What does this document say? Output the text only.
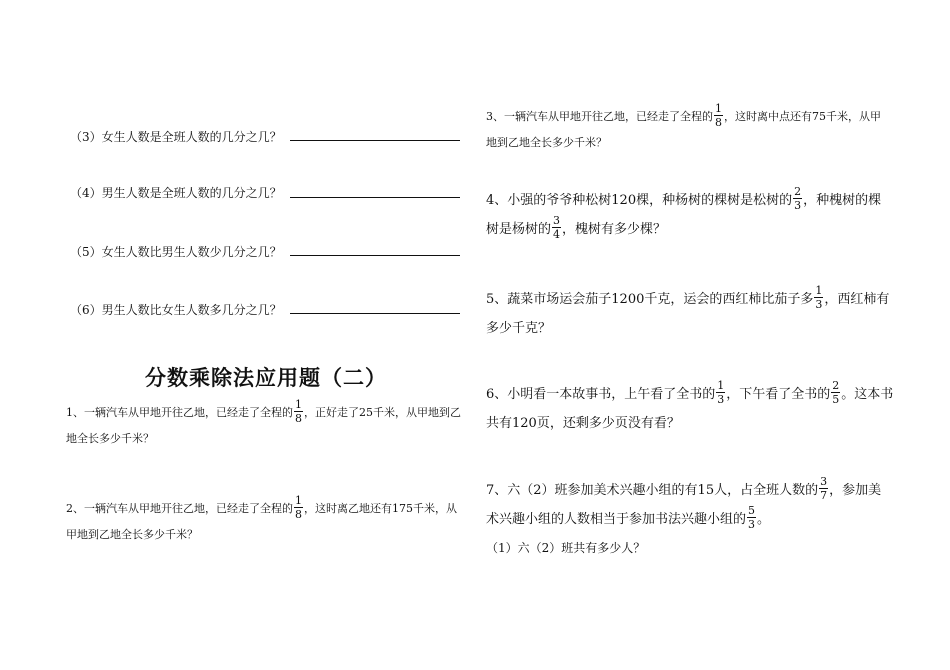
（3）女生人数是全班人数的几分之几？
（4）男生人数是全班人数的几分之几？
（5）女生人数比男生人数少几分之几？
（6）男生人数比女生人数多几分之几？
分数乘除法应用题（二）
1、一辆汽车从甲地开往乙地，已经走了全程的 $\frac{1}{8}$ ，正好走了25千米，从甲地到乙
地全长多少千米？
2、一辆汽车从甲地开往乙地，已经走了全程的 $\frac{1}{8}$ ，这时离乙地还有175千米，从
甲地到乙地全长多少千米？
3、一辆汽车从甲地开往乙地，已经走了全程的 $\frac{1}{8}$ ，这时离中点还有75千米，从甲
地到乙地全长多少千米？
4、小强的爷爷种松树120棵，种杨树的棵树是松树的 $\frac{2}{3}$ ，种槐树的棵
树是杨树的 $\frac{3}{4}$ ，槐树有多少棵？
5、蔬菜市场运会茄子1200千克，运会的西红柿比茄子多 $\frac{1}{3}$ ，西红柿有
多少千克？
6、小明看一本故事书，上午看了全书的 $\frac{1}{3}$ ，下午看了全书的 $\frac{2}{5}$ 。这本书
共有120页，还剩多少页没有看？
7、六（2）班参加美术兴趣小组的有15人，占全班人数的 $\frac{3}{7}$ ，参加美
术兴趣小组的人数相当于参加书法兴趣小组的 $\frac{5}{3}$ 。
（1）六（2）班共有多少人？
